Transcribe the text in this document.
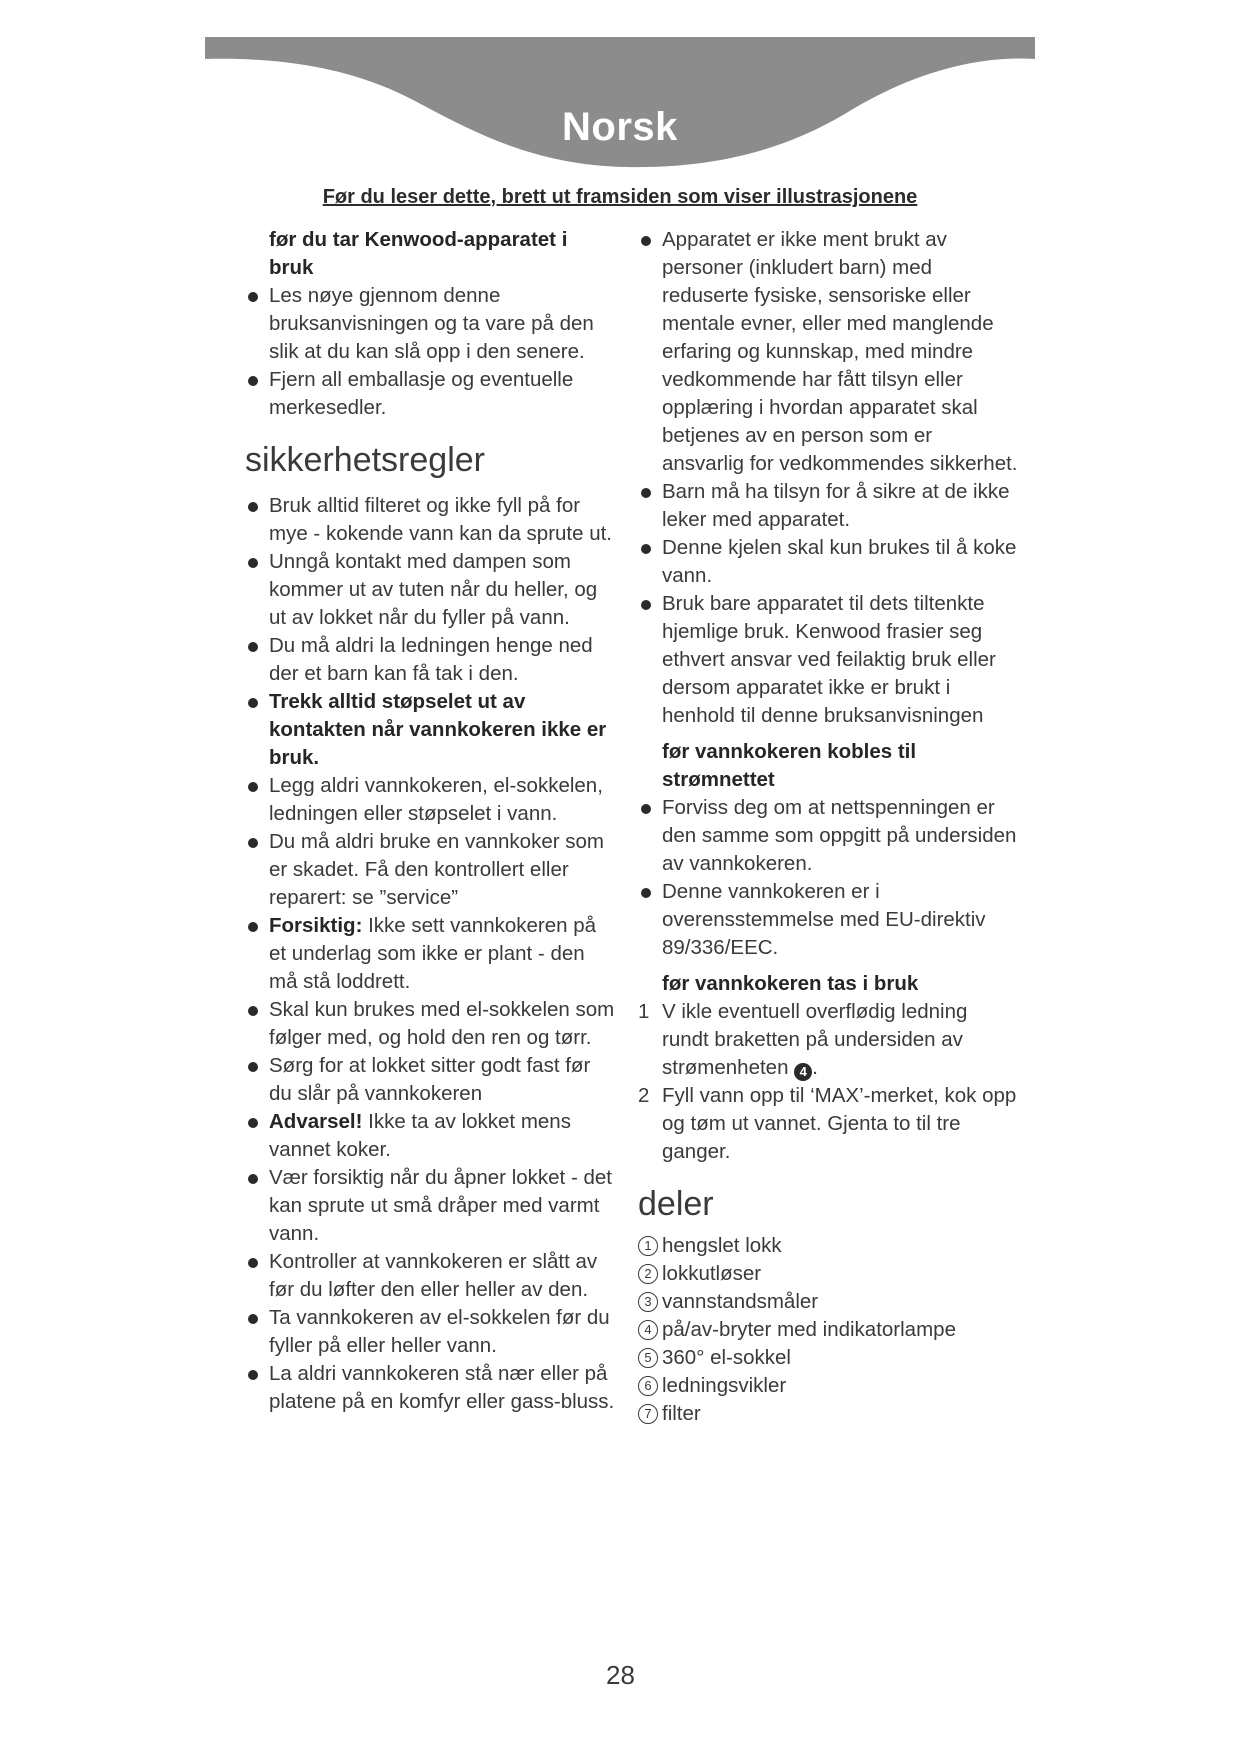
Norsk
Før du leser dette, brett ut framsiden som viser illustrasjonene
før du tar Kenwood-apparatet i bruk
Les nøye gjennom denne bruksanvisningen og ta vare på den slik at du kan slå opp i den senere.
Fjern all emballasje og eventuelle merkesedler.
sikkerhetsregler
Bruk alltid filteret og ikke fyll på for mye - kokende vann kan da sprute ut.
Unngå kontakt med dampen som kommer ut av tuten når du heller, og ut av lokket når du fyller på vann.
Du må aldri la ledningen henge ned der et barn kan få tak i den.
Trekk alltid støpselet ut av kontakten når vannkokeren ikke er bruk.
Legg aldri vannkokeren, el-sokkelen, ledningen eller støpselet i vann.
Du må aldri bruke en vannkoker som er skadet. Få den kontrollert eller reparert: se ”service”
Forsiktig: Ikke sett vannkokeren på et underlag som ikke er plant - den må stå loddrett.
Skal kun brukes med el-sokkelen som følger med, og hold den ren og tørr.
Sørg for at lokket sitter godt fast før du slår på vannkokeren
Advarsel! Ikke ta av lokket mens vannet koker.
Vær forsiktig når du åpner lokket - det kan sprute ut små dråper med varmt vann.
Kontroller at vannkokeren er slått av før du løfter den eller heller av den.
Ta vannkokeren av el-sokkelen før du fyller på eller heller vann.
La aldri vannkokeren stå nær eller på platene på en komfyr eller gass-bluss.
Apparatet er ikke ment brukt av personer (inkludert barn) med reduserte fysiske, sensoriske eller mentale evner, eller med manglende erfaring og kunnskap, med mindre vedkommende har fått tilsyn eller opplæring i hvordan apparatet skal betjenes av en person som er ansvarlig for vedkommendes sikkerhet.
Barn må ha tilsyn for å sikre at de ikke leker med apparatet.
Denne kjelen skal kun brukes til å koke vann.
Bruk bare apparatet til dets tiltenkte hjemlige bruk. Kenwood frasier seg ethvert ansvar ved feilaktig bruk eller dersom apparatet ikke er brukt i henhold til denne bruksanvisningen
før vannkokeren kobles til strømnettet
Forviss deg om at nettspenningen er den samme som oppgitt på undersiden av vannkokeren.
Denne vannkokeren er i overensstemmelse med EU-direktiv 89/336/EEC.
før vannkokeren tas i bruk
1 V ikle eventuell overflødig ledning rundt braketten på undersiden av strømenheten 4 .
2 Fyll vann opp til ‘MAX’-merket, kok opp og tøm ut vannet. Gjenta to til tre ganger.
deler
1 hengslet lokk
2 lokkutløser
3 vannstandsmåler
4 på/av-bryter med indikatorlampe
5 360° el-sokkel
6 ledningsvikler
7 filter
28
